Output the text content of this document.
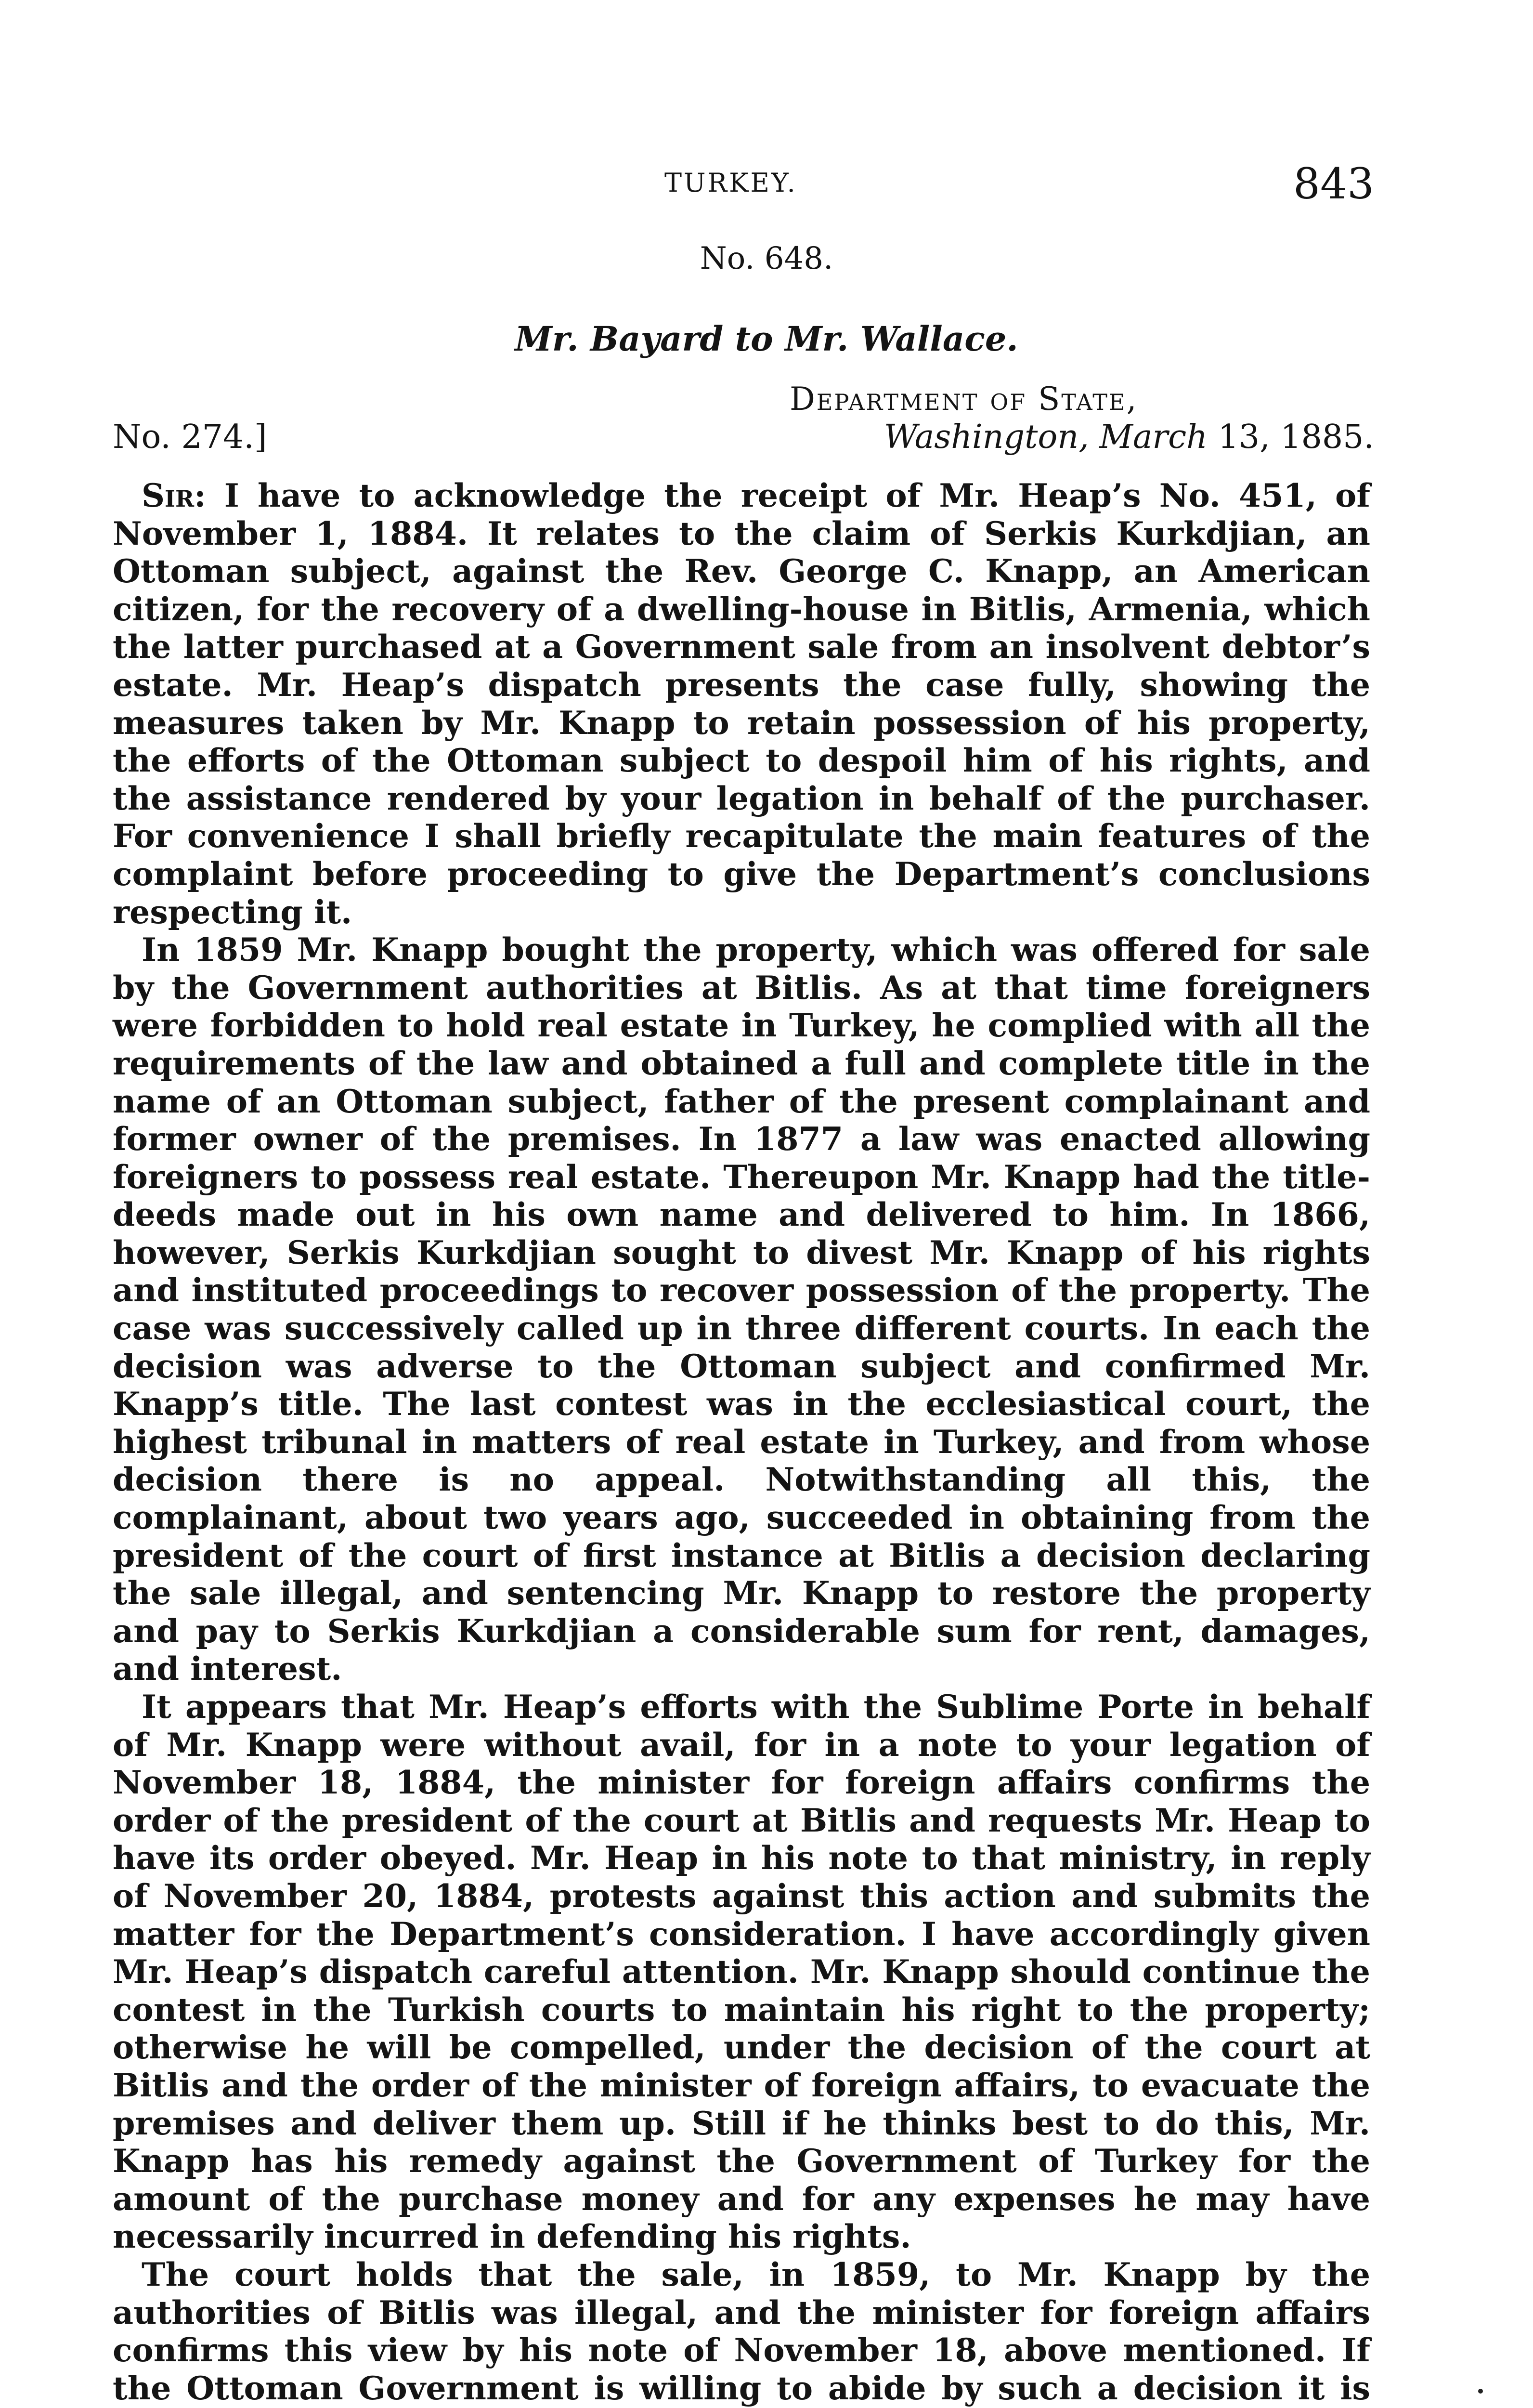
TURKEY.	843
No. 648.
Mr. Bayard to Mr. Wallace.
Department of State,
No. 274.]	Washington, March 13, 1885.

Sir: I have to acknowledge the receipt of Mr. Heap’s No. 451, of November 1, 1884. It relates to the claim of Serkis Kurkdjian, an Ottoman subject, against the Rev. George C. Knapp, an American citizen, for the recovery of a dwelling-house in Bitlis, Armenia, which the latter purchased at a Government sale from an insolvent debtor’s estate. Mr. Heap’s dispatch presents the case fully, showing the measures taken by Mr. Knapp to retain possession of his property, the efforts of the Ottoman subject to despoil him of his rights, and the assistance rendered by your legation in behalf of the purchaser. For convenience I shall briefly recapitulate the main features of the complaint before proceeding to give the Department’s conclusions respecting it.

In 1859 Mr. Knapp bought the property, which was offered for sale by the Government authorities at Bitlis. As at that time foreigners were forbidden to hold real estate in Turkey, he complied with all the requirements of the law and obtained a full and complete title in the name of an Ottoman subject, father of the present complainant and former owner of the premises. In 1877 a law was enacted allowing foreigners to possess real estate. Thereupon Mr. Knapp had the title-deeds made out in his own name and delivered to him. In 1866, however, Serkis Kurkdjian sought to divest Mr. Knapp of his rights and instituted proceedings to recover possession of the property. The case was successively called up in three different courts. In each the decision was adverse to the Ottoman subject and confirmed Mr. Knapp’s title. The last contest was in the ecclesiastical court, the highest tribunal in matters of real estate in Turkey, and from whose decision there is no appeal. Notwithstanding all this, the complainant, about two years ago, succeeded in obtaining from the president of the court of first instance at Bitlis a decision declaring the sale illegal, and sentencing Mr. Knapp to restore the property and pay to Serkis Kurkdjian a considerable sum for rent, damages, and interest.

It appears that Mr. Heap’s efforts with the Sublime Porte in behalf of Mr. Knapp were without avail, for in a note to your legation of November 18, 1884, the minister for foreign affairs confirms the order of the president of the court at Bitlis and requests Mr. Heap to have its order obeyed. Mr. Heap in his note to that ministry, in reply of November 20, 1884, protests against this action and submits the matter for the Department’s consideration. I have accordingly given Mr. Heap’s dispatch careful attention. Mr. Knapp should continue the contest in the Turkish courts to maintain his right to the property; otherwise he will be compelled, under the decision of the court at Bitlis and the order of the minister of foreign affairs, to evacuate the premises and deliver them up. Still if he thinks best to do this, Mr. Knapp has his remedy against the Government of Turkey for the amount of the purchase money and for any expenses he may have necessarily incurred in defending his rights.

The court holds that the sale, in 1859, to Mr. Knapp by the authorities of Bitlis was illegal, and the minister for foreign affairs confirms this view by his note of November 18, above mentioned. If the Ottoman Government is willing to abide by such a decision it is
